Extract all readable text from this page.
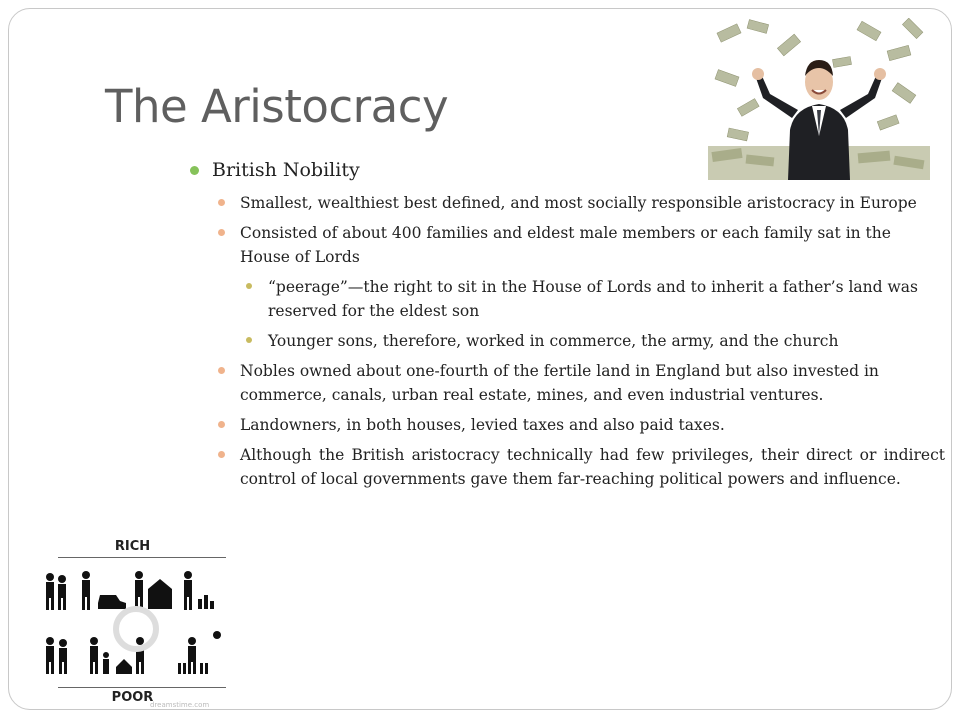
The Aristocracy
British Nobility
Smallest, wealthiest best defined, and most socially responsible aristocracy in Europe
Consisted of about 400 families and eldest male members or each family sat in the House of Lords
“peerage”—the right to sit in the House of Lords and to inherit a father’s land was reserved for the eldest son
Younger sons, therefore, worked in commerce, the army, and the church
Nobles owned about one-fourth of the fertile land in England but also invested in commerce, canals, urban real estate, mines, and even industrial ventures.
Landowners, in both houses, levied taxes and also paid taxes.
Although the British aristocracy technically had few privileges, their direct or indirect control of local governments gave them far-reaching political powers and influence.
RICH
POOR
dreamstime.com
